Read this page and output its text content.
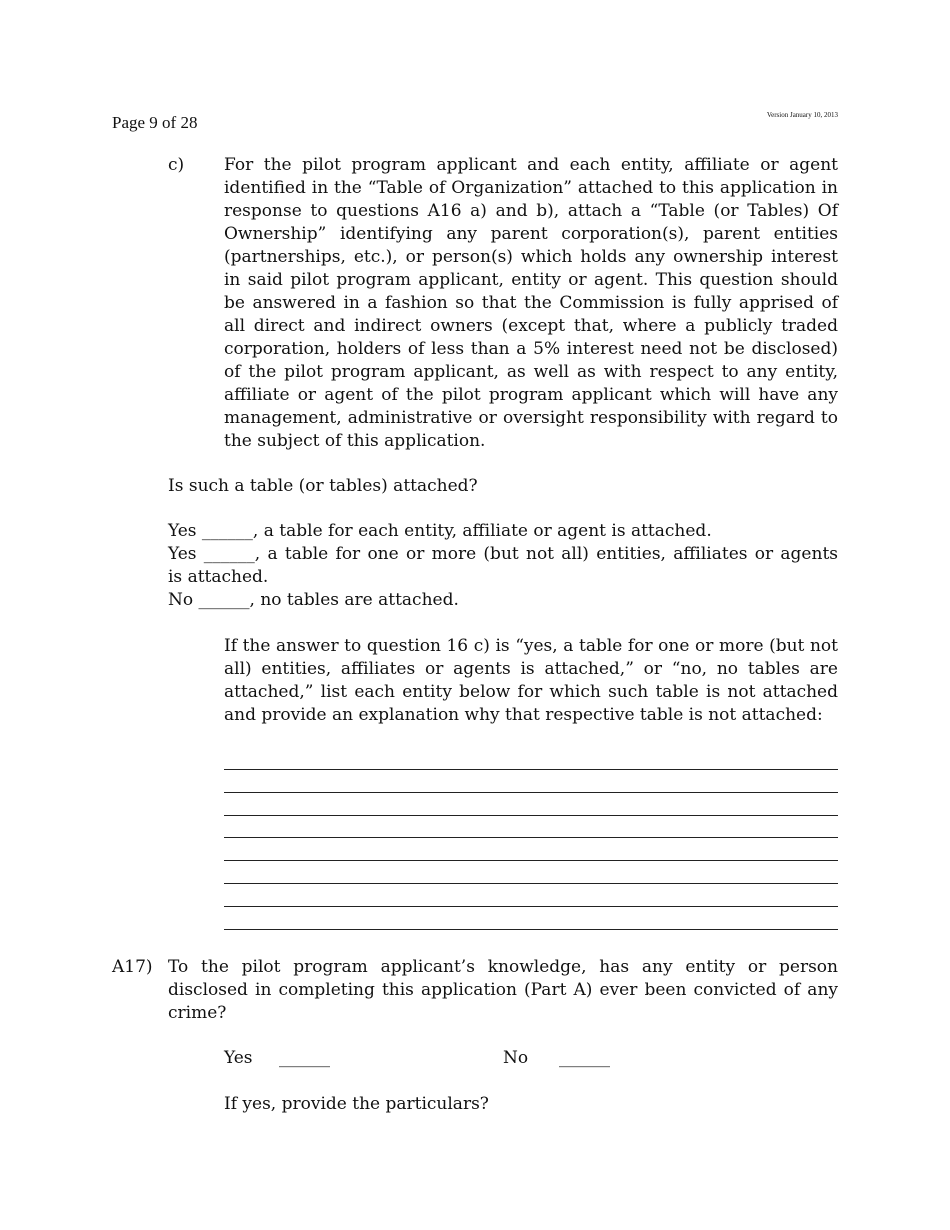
Page 9 of 28	Version January 10, 2013
c) For the pilot program applicant and each entity, affiliate or agent identified in the “Table of Organization” attached to this application in response to questions A16 a) and b), attach a “Table (or Tables) Of Ownership” identifying any parent corporation(s), parent entities (partnerships, etc.), or person(s) which holds any ownership interest in said pilot program applicant, entity or agent. This question should be answered in a fashion so that the Commission is fully apprised of all direct and indirect owners (except that, where a publicly traded corporation, holders of less than a 5% interest need not be disclosed) of the pilot program applicant, as well as with respect to any entity, affiliate or agent of the pilot program applicant which will have any management, administrative or oversight responsibility with regard to the subject of this application.
Is such a table (or tables) attached?
Yes ______, a table for each entity, affiliate or agent is attached.
Yes ______, a table for one or more (but not all) entities, affiliates or agents
is attached.
No ______, no tables are attached.
If the answer to question 16 c) is “yes, a table for one or more (but not all) entities, affiliates or agents is attached,” or “no, no tables are attached,” list each entity below for which such table is not attached and provide an explanation why that respective table is not attached:
A17) To the pilot program applicant’s knowledge, has any entity or person disclosed in completing this application (Part A) ever been convicted of any crime?
Yes ______	No ______
If yes, provide the particulars?
